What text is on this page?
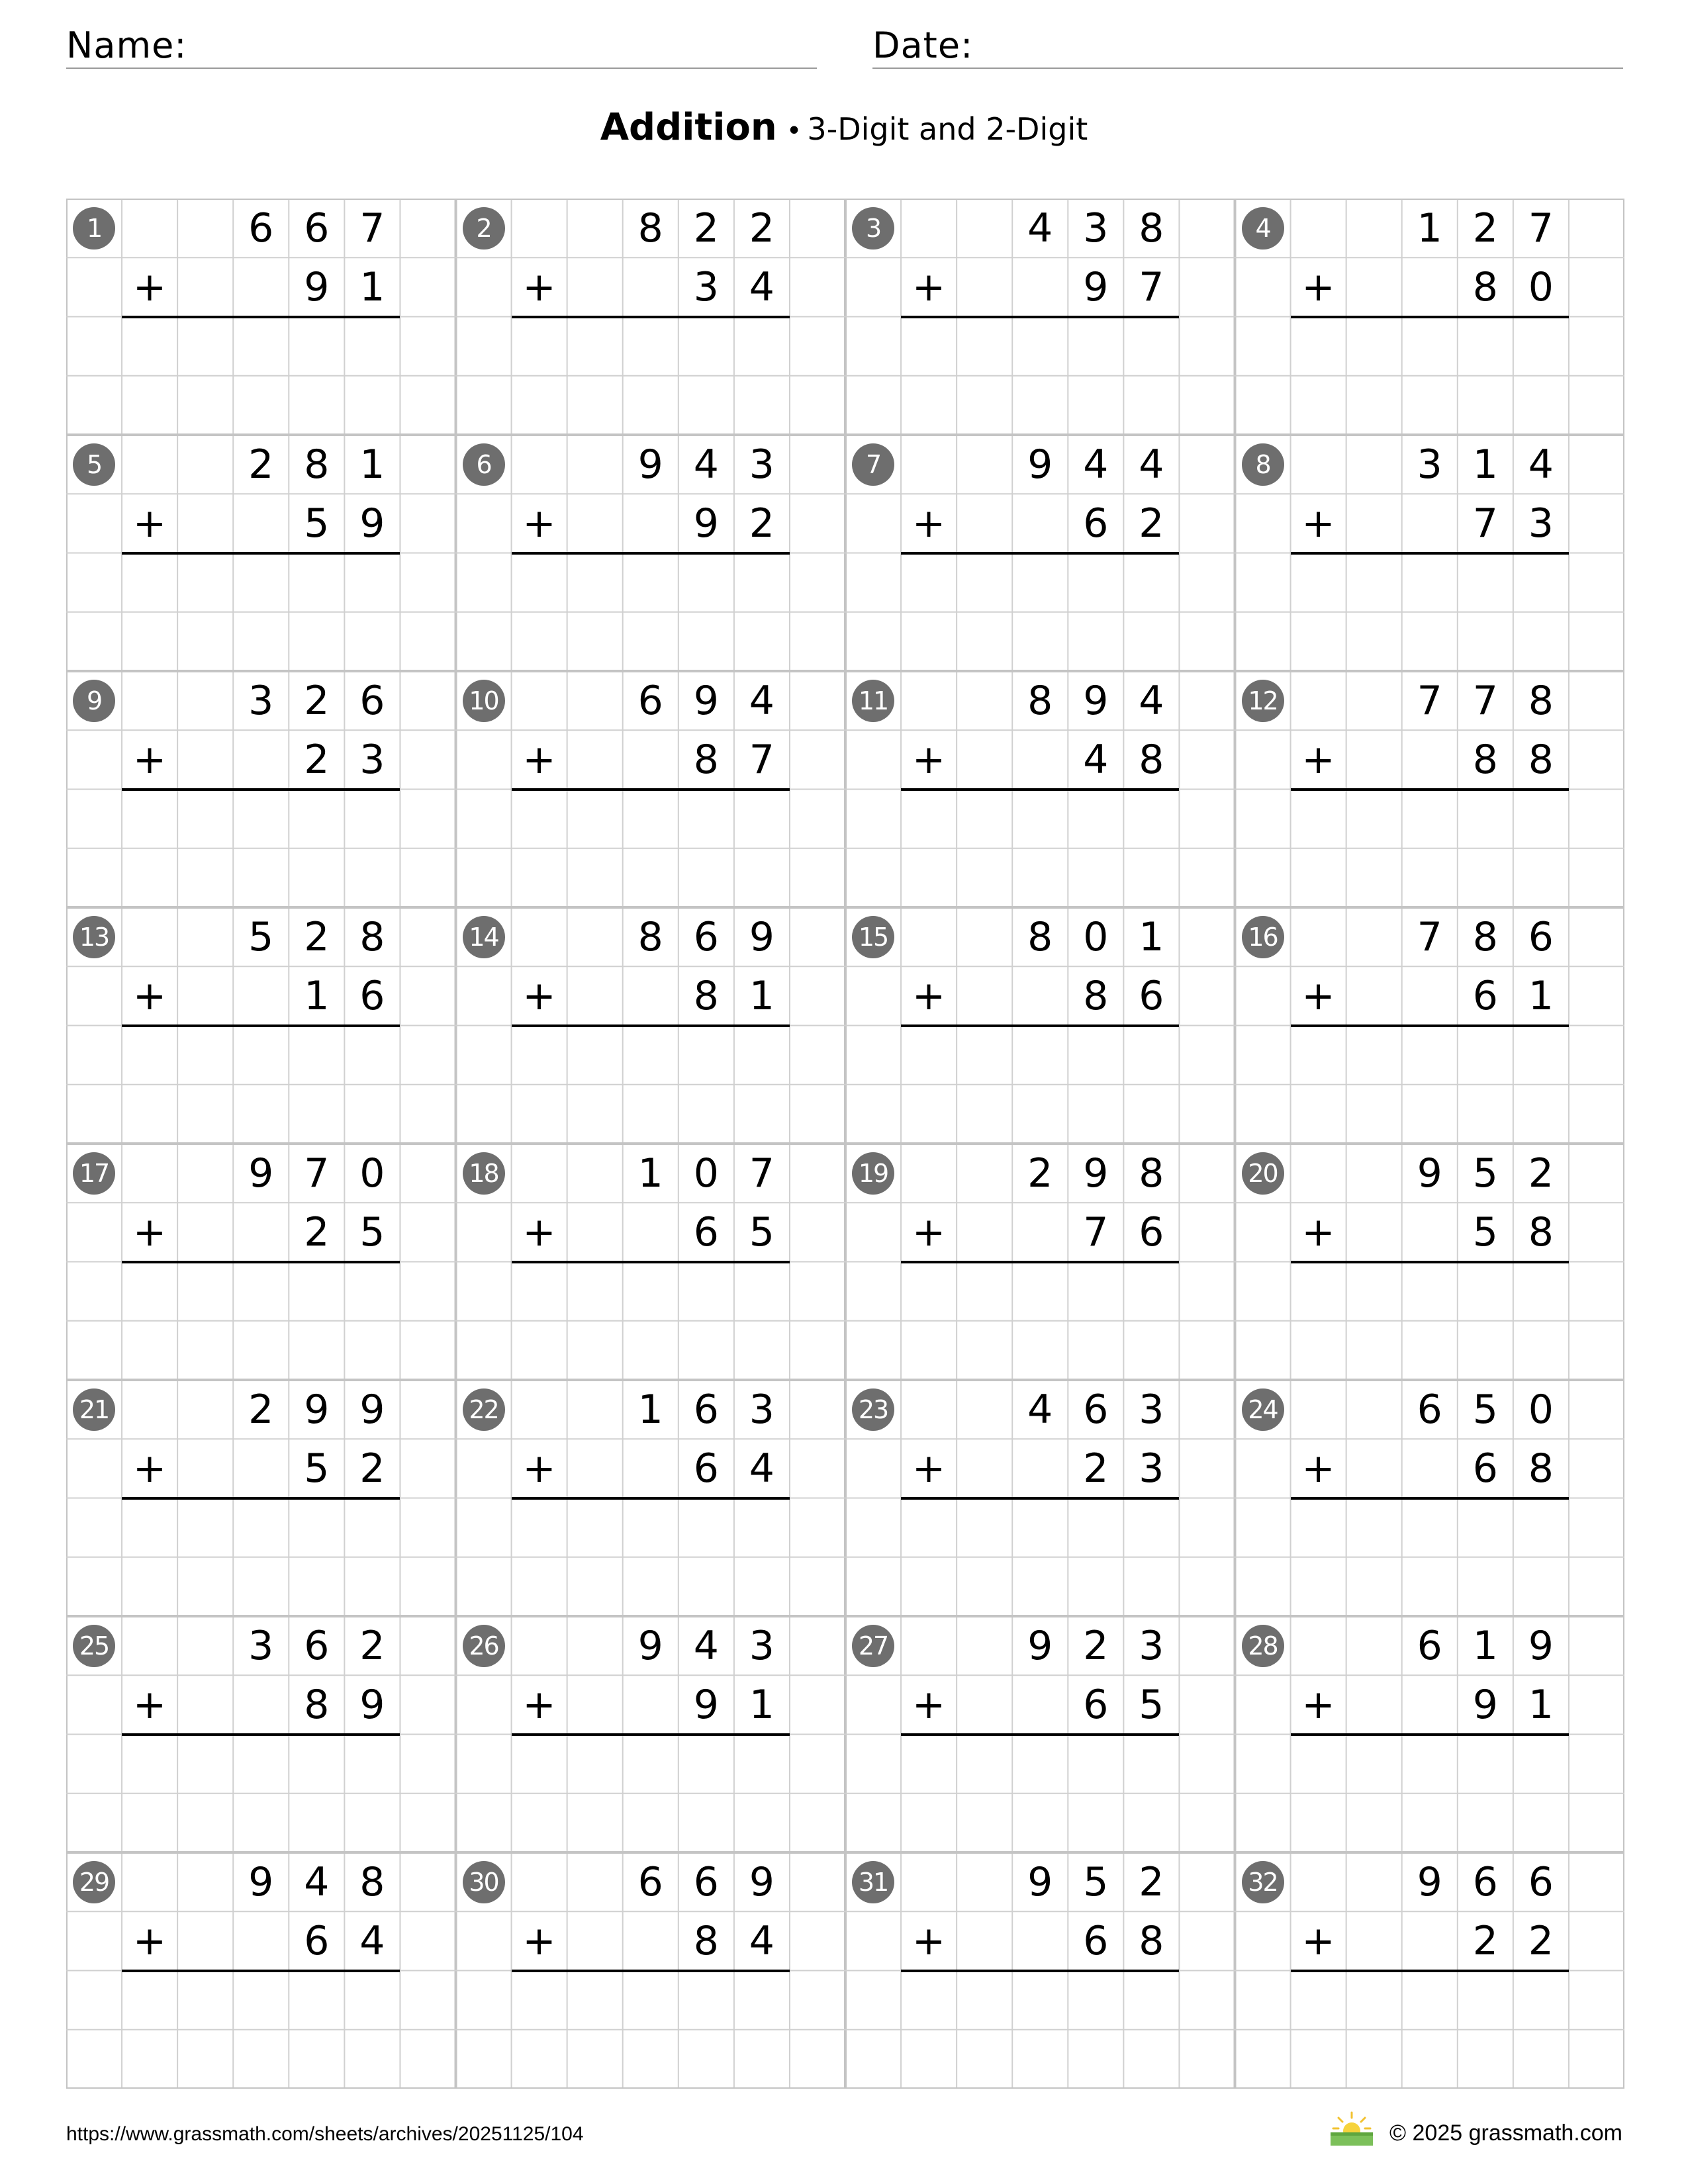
Name:	Date:
Addition • 3-Digit and 2-Digit
1	6 6 7
9 1
+
2	8 2 2
3 4
+
3	4 3 8
9 7
+
4	1 2 7
8 0
+
5	2 8 1
5 9
+
6	9 4 3
9 2
+
7	9 4 4
6 2
+
8	3 1 4
7 3
+
9	3 2 6
2 3
+
10	6 9 4
8 7
+
11	8 9 4
4 8
+
12	7 7 8
8 8
+
13	5 2 8
1 6
+
14	8 6 9
8 1
+
15	8 0 1
8 6
+
16	7 8 6
6 1
+
17	9 7 0
2 5
+
18	1 0 7
6 5
+
19	2 9 8
7 6
+
20	9 5 2
5 8
+
21	2 9 9
5 2
+
22	1 6 3
6 4
+
23	4 6 3
2 3
+
24	6 5 0
6 8
+
25	3 6 2
8 9
+
26	9 4 3
9 1
+
27	9 2 3
6 5
+
28	6 1 9
9 1
+
29	9 4 8
6 4
+
30	6 6 9
8 4
+
31	9 5 2
6 8
+
32	9 6 6
2 2
+
https://www.grassmath.com/sheets/archives/20251125/104	© 2025 grassmath.com
